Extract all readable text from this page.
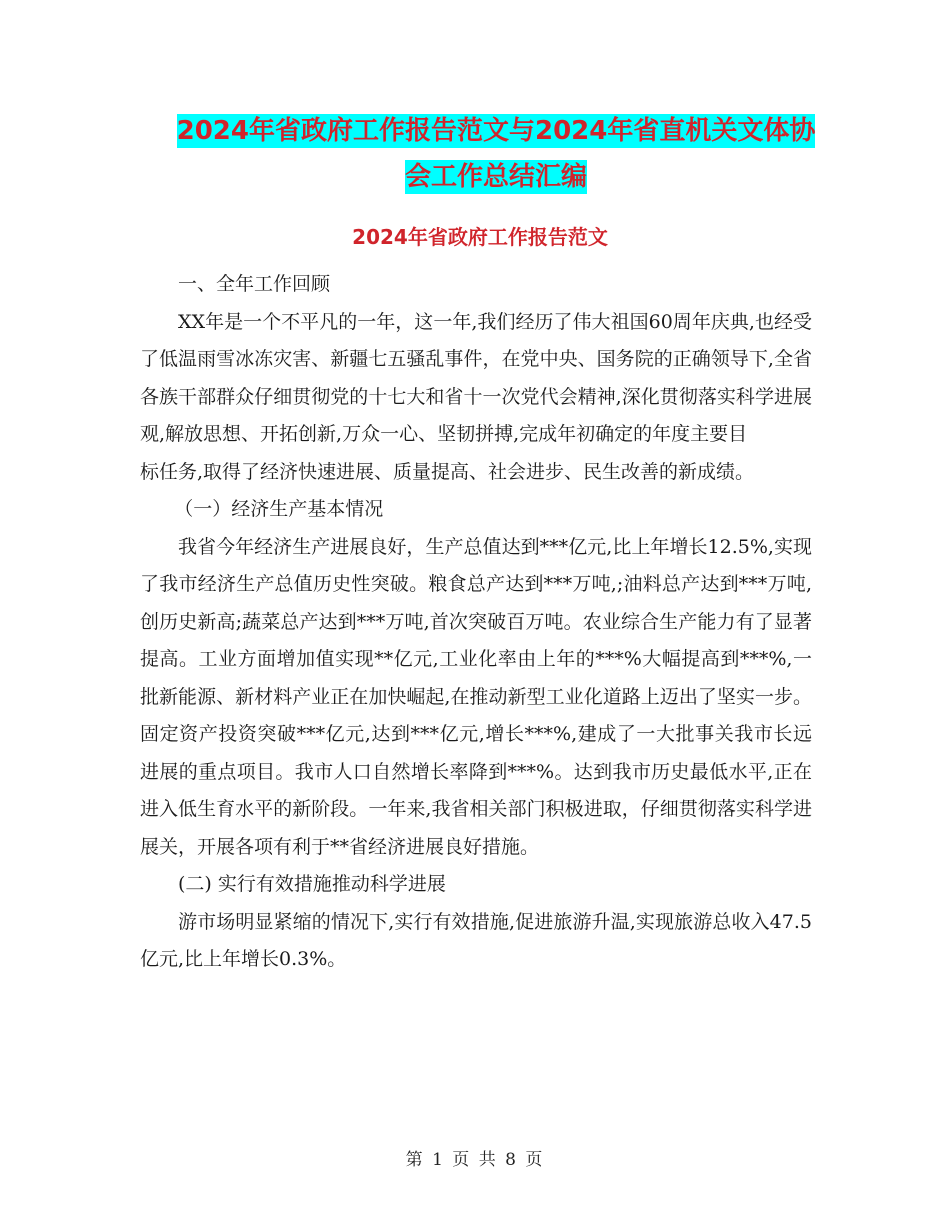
2024年省政府工作报告范文与2024年省直机关文体协
会工作总结汇编
2024年省政府工作报告范文

一、全年工作回顾

XX年是一个不平凡的一年，这一年,我们经历了伟大祖国60周年庆典,也经受了低温雨雪冰冻灾害、新疆七五骚乱事件，在党中央、国务院的正确领导下,全省各族干部群众仔细贯彻党的十七大和省十一次党代会精神,深化贯彻落实科学进展观,解放思想、开拓创新,万众一心、坚韧拼搏,完成年初确定的年度主要目

标任务,取得了经济快速进展、质量提高、社会进步、民生改善的新成绩。

（一）经济生产基本情况

我省今年经济生产进展良好，生产总值达到***亿元,比上年增长12.5%,实现了我市经济生产总值历史性突破。粮食总产达到***万吨,;油料总产达到***万吨,创历史新高;蔬菜总产达到***万吨,首次突破百万吨。农业综合生产能力有了显著提高。工业方面增加值实现**亿元,工业化率由上年的***%大幅提高到***%,一批新能源、新材料产业正在加快崛起,在推动新型工业化道路上迈出了坚实一步。固定资产投资突破***亿元,达到***亿元,增长***%,建成了一大批事关我市长远进展的重点项目。我市人口自然增长率降到***%。达到我市历史最低水平,正在进入低生育水平的新阶段。一年来,我省相关部门积极进取，仔细贯彻落实科学进展关，开展各项有利于**省经济进展良好措施。

(二) 实行有效措施推动科学进展

游市场明显紧缩的情况下,实行有效措施,促进旅游升温,实现旅游总收入47.5亿元,比上年增长0.3%。

第 1 页 共 8 页
